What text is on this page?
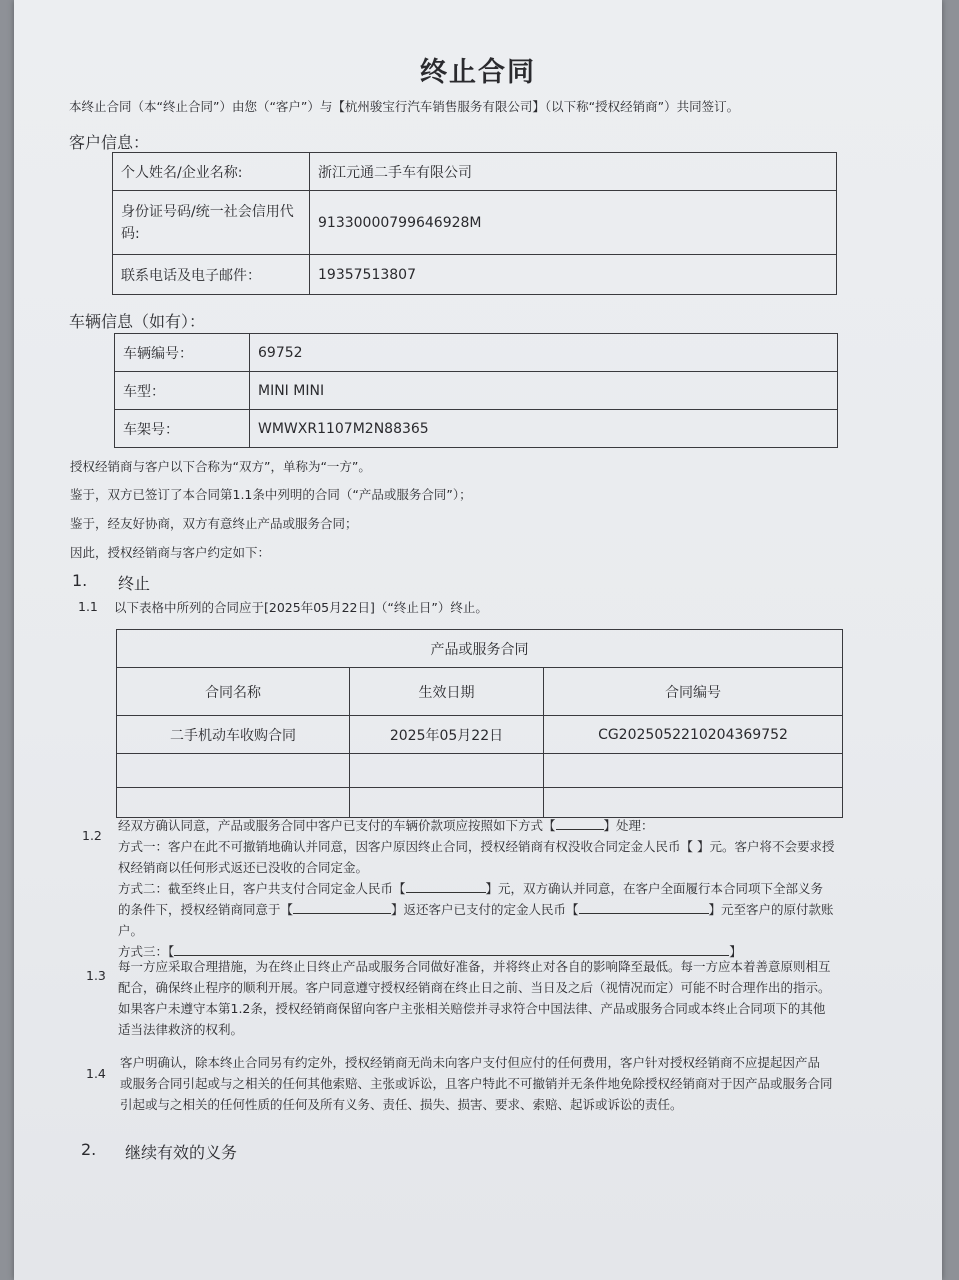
终止合同
本终止合同（本“终止合同”）由您（“客户”）与【杭州骏宝行汽车销售服务有限公司】（以下称“授权经销商”）共同签订。
客户信息：
个人姓名/企业名称:	浙江元通二手车有限公司
身份证号码/统一社会信用代码:	91330000799646928M
联系电话及电子邮件：	19357513807
车辆信息（如有）：
车辆编号：	69752
车型：	MINI MINI
车架号：	WMWXR1107M2N88365
授权经销商与客户以下合称为“双方”，单称为“一方”。
鉴于，双方已签订了本合同第1.1条中列明的合同（“产品或服务合同”）；
鉴于，经友好协商，双方有意终止产品或服务合同；
因此，授权经销商与客户约定如下：
1. 终止
1.1 以下表格中所列的合同应于[2025年05月22日]（“终止日”）终止。
产品或服务合同		
合同名称	生效日期	合同编号
二手机动车收购合同	2025年05月22日	CG2025052210204369752

1.2
经双方确认同意，产品或服务合同中客户已支付的车辆价款项应按照如下方式【	】处理：
方式一：客户在此不可撤销地确认并同意，因客户原因终止合同，授权经销商有权没收合同定金人民币【 】元。客户将不会要求授
权经销商以任何形式返还已没收的合同定金。
方式二：截至终止日，客户共支付合同定金人民币【	】元，双方确认并同意，在客户全面履行本合同项下全部义务
的条件下，授权经销商同意于【	】返还客户已支付的定金人民币【	】元至客户的原付款账
户。
方式三：【	】
1.3
每一方应采取合理措施，为在终止日终止产品或服务合同做好准备，并将终止对各自的影响降至最低。每一方应本着善意原则相互
配合，确保终止程序的顺利开展。客户同意遵守授权经销商在终止日之前、当日及之后（视情况而定）可能不时合理作出的指示。
如果客户未遵守本第1.2条，授权经销商保留向客户主张相关赔偿并寻求符合中国法律、产品或服务合同或本终止合同项下的其他
适当法律救济的权利。
1.4
客户明确认，除本终止合同另有约定外，授权经销商无尚未向客户支付但应付的任何费用，客户针对授权经销商不应提起因产品
或服务合同引起或与之相关的任何其他索赔、主张或诉讼，且客户特此不可撤销并无条件地免除授权经销商对于因产品或服务合同
引起或与之相关的任何性质的任何及所有义务、责任、损失、损害、要求、索赔、起诉或诉讼的责任。
2. 继续有效的义务
